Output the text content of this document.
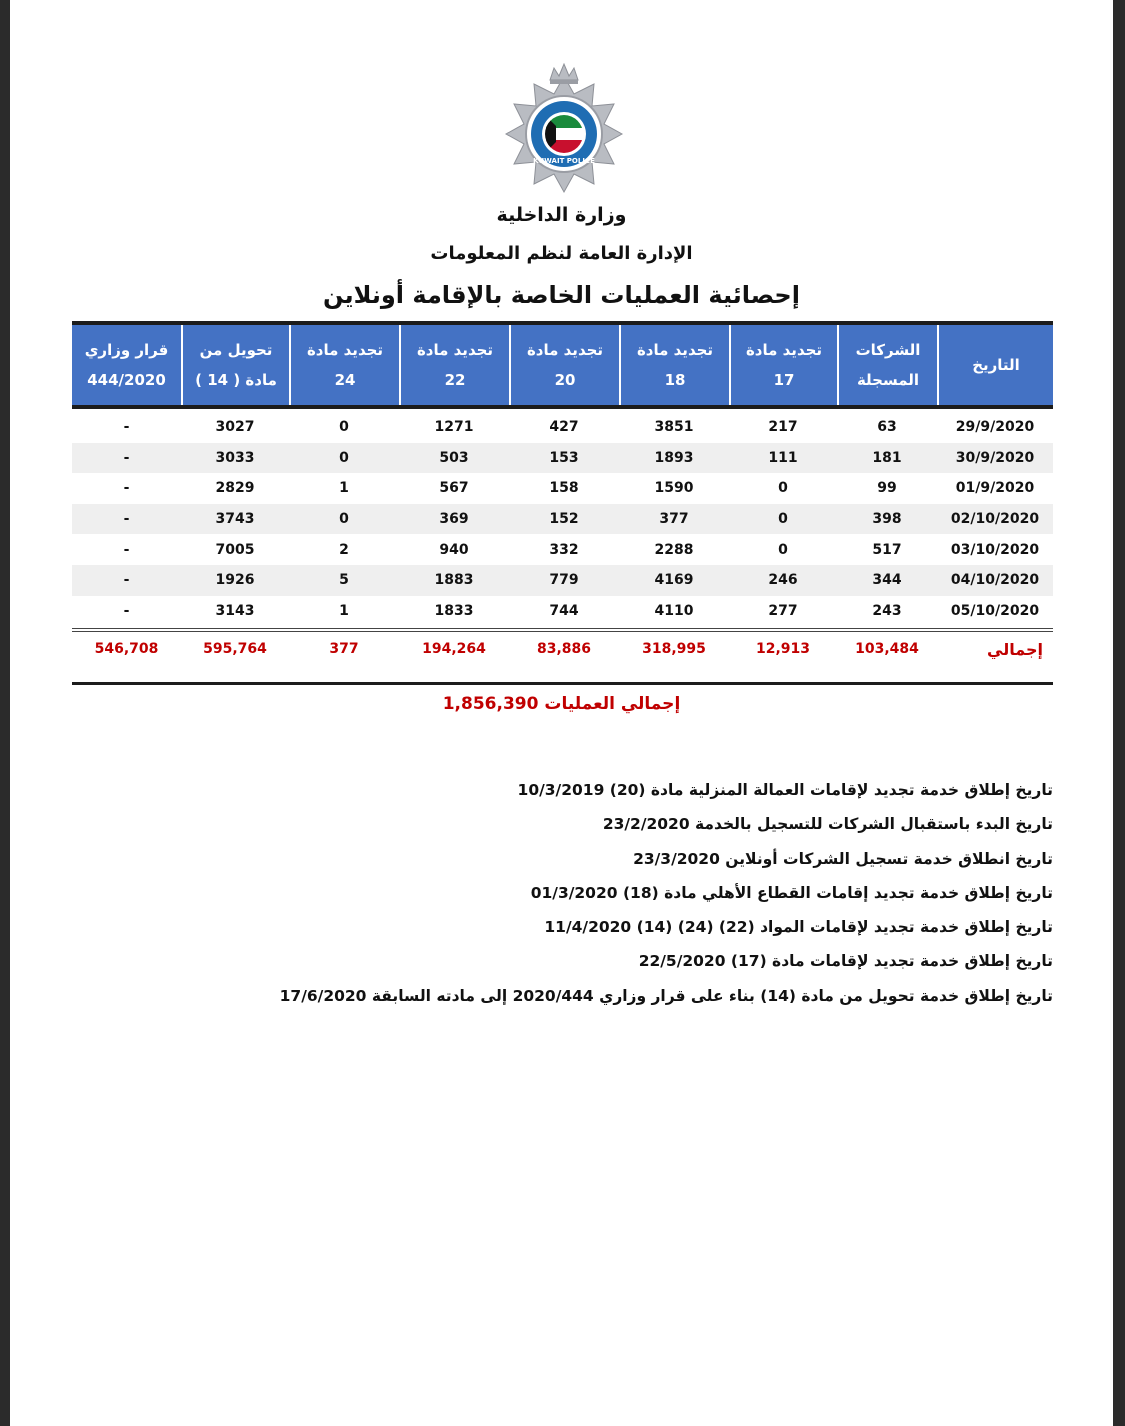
KUWAIT POLICE
وزارة الداخلية
الإدارة العامة لنظم المعلومات
إحصائية العمليات الخاصة بالإقامة أونلاين
التاريخ
الشركات
المسجلة
تجديد مادة
17
تجديد مادة
18
تجديد مادة
20
تجديد مادة
22
تجديد مادة
24
تحويل من
مادة ( 14 )
قرار وزاري
444/2020
29/9/2020
63
217
3851
427
1271
0
3027
-
30/9/2020
181
111
1893
153
503
0
3033
-
01/9/2020
99
0
1590
158
567
1
2829
-
02/10/2020
398
0
377
152
369
0
3743
-
03/10/2020
517
0
2288
332
940
2
7005
-
04/10/2020
344
246
4169
779
1883
5
1926
-
05/10/2020
243
277
4110
744
1833
1
3143
-
إجمالي
103,484
12,913
318,995
83,886
194,264
377
595,764
546,708
إجمالي العمليات 1,856,390
تاريخ إطلاق خدمة تجديد لإقامات العمالة المنزلية مادة (20) 10/3/2019
تاريخ البدء باستقبال الشركات للتسجيل بالخدمة 23/2/2020
تاريخ انطلاق خدمة تسجيل الشركات أونلاين 23/3/2020
تاريخ إطلاق خدمة تجديد إقامات القطاع الأهلي مادة (18) 01/3/2020
تاريخ إطلاق خدمة تجديد لإقامات المواد (22) (24) (14) 11/4/2020
تاريخ إطلاق خدمة تجديد لإقامات مادة (17) 22/5/2020
تاريخ إطلاق خدمة تحويل من مادة (14) بناء على قرار وزاري 2020/444 إلى مادته السابقة 17/6/2020
